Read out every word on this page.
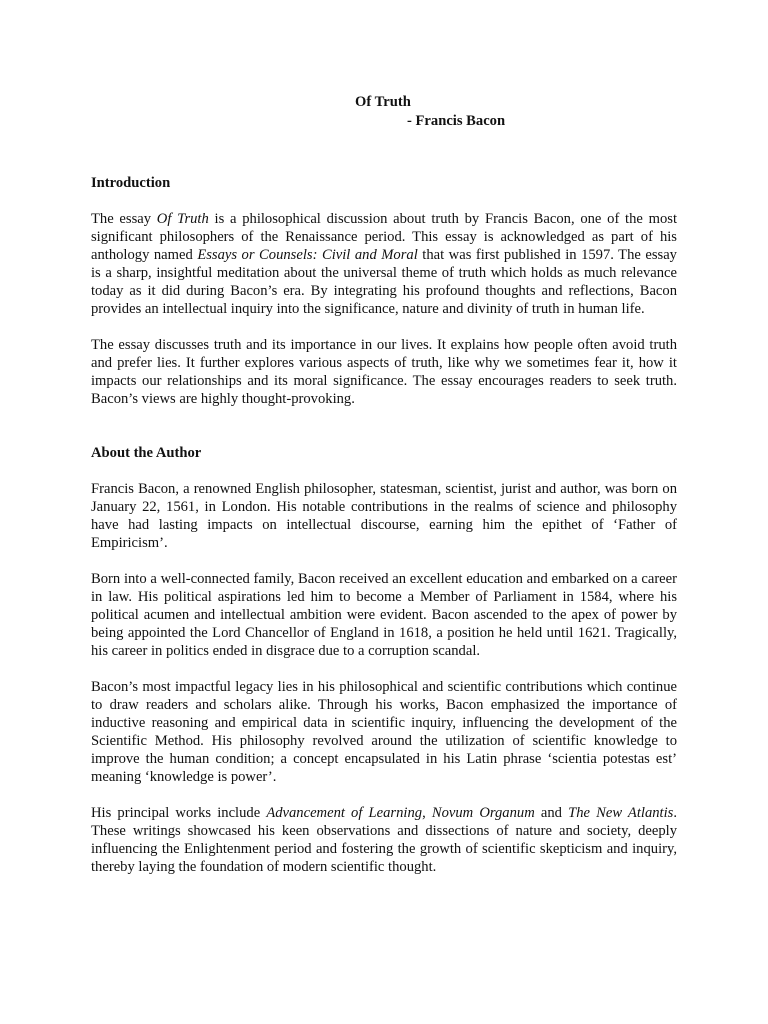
Of Truth
- Francis Bacon
Introduction

The essay Of Truth is a philosophical discussion about truth by Francis Bacon, one of the most significant philosophers of the Renaissance period. This essay is acknowledged as part of his anthology named Essays or Counsels: Civil and Moral that was first published in 1597. The essay is a sharp, insightful meditation about the universal theme of truth which holds as much relevance today as it did during Bacon’s era. By integrating his profound thoughts and reflections, Bacon provides an intellectual inquiry into the significance, nature and divinity of truth in human life.

The essay discusses truth and its importance in our lives. It explains how people often avoid truth and prefer lies. It further explores various aspects of truth, like why we sometimes fear it, how it impacts our relationships and its moral significance. The essay encourages readers to seek truth. Bacon’s views are highly thought-provoking.

About the Author

Francis Bacon, a renowned English philosopher, statesman, scientist, jurist and author, was born on January 22, 1561, in London. His notable contributions in the realms of science and philosophy have had lasting impacts on intellectual discourse, earning him the epithet of ‘Father of Empiricism’.

Born into a well-connected family, Bacon received an excellent education and embarked on a career in law. His political aspirations led him to become a Member of Parliament in 1584, where his political acumen and intellectual ambition were evident. Bacon ascended to the apex of power by being appointed the Lord Chancellor of England in 1618, a position he held until 1621. Tragically, his career in politics ended in disgrace due to a corruption scandal.

Bacon’s most impactful legacy lies in his philosophical and scientific contributions which continue to draw readers and scholars alike. Through his works, Bacon emphasized the importance of inductive reasoning and empirical data in scientific inquiry, influencing the development of the Scientific Method. His philosophy revolved around the utilization of scientific knowledge to improve the human condition; a concept encapsulated in his Latin phrase ‘scientia potestas est’ meaning ‘knowledge is power’.

His principal works include Advancement of Learning, Novum Organum and The New Atlantis. These writings showcased his keen observations and dissections of nature and society, deeply influencing the Enlightenment period and fostering the growth of scientific skepticism and inquiry, thereby laying the foundation of modern scientific thought.
